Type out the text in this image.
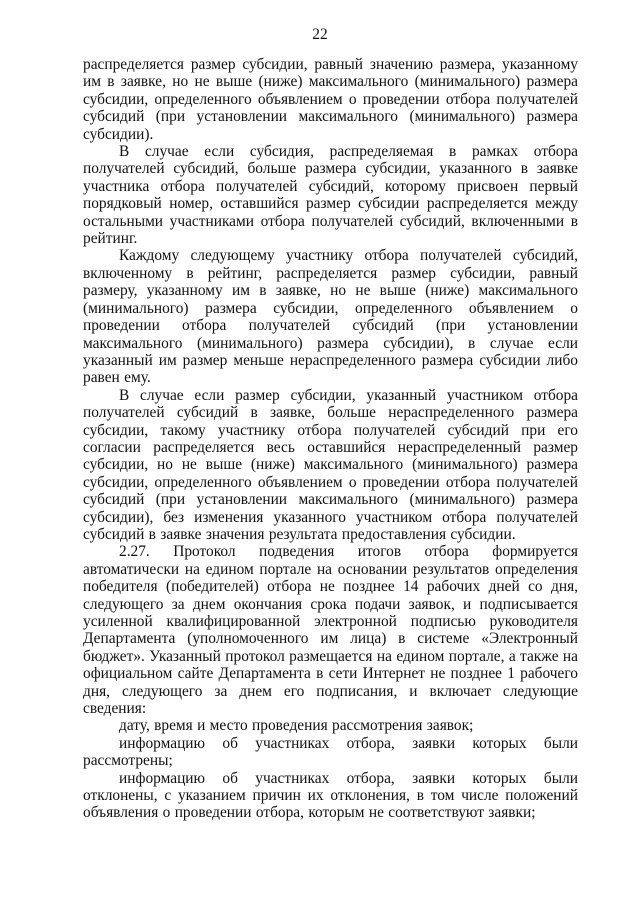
22

распределяется размер субсидии, равный значению размера, указанному им в заявке, но не выше (ниже) максимального (минимального) размера субсидии, определенного объявлением о проведении отбора получателей субсидий (при установлении максимального (минимального) размера субсидии).

В случае если субсидия, распределяемая в рамках отбора получателей субсидий, больше размера субсидии, указанного в заявке участника отбора получателей субсидий, которому присвоен первый порядковый номер, оставшийся размер субсидии распределяется между остальными участниками отбора получателей субсидий, включенными в рейтинг.

Каждому следующему участнику отбора получателей субсидий, включенному в рейтинг, распределяется размер субсидии, равный размеру, указанному им в заявке, но не выше (ниже) максимального (минимального) размера субсидии, определенного объявлением о проведении отбора получателей субсидий (при установлении максимального (минимального) размера субсидии), в случае если указанный им размер меньше нераспределенного размера субсидии либо равен ему.

В случае если размер субсидии, указанный участником отбора получателей субсидий в заявке, больше нераспределенного размера субсидии, такому участнику отбора получателей субсидий при его согласии распределяется весь оставшийся нераспределенный размер субсидии, но не выше (ниже) максимального (минимального) размера субсидии, определенного объявлением о проведении отбора получателей субсидий (при установлении максимального (минимального) размера субсидии), без изменения указанного участником отбора получателей субсидий в заявке значения результата предоставления субсидии.

2.27. Протокол подведения итогов отбора формируется автоматически на едином портале на основании результатов определения победителя (победителей) отбора не позднее 14 рабочих дней со дня, следующего за днем окончания срока подачи заявок, и подписывается усиленной квалифицированной электронной подписью руководителя Департамента (уполномоченного им лица) в системе «Электронный бюджет». Указанный протокол размещается на едином портале, а также на официальном сайте Департамента в сети Интернет не позднее 1 рабочего дня, следующего за днем его подписания, и включает следующие сведения:

дату, время и место проведения рассмотрения заявок;

информацию об участниках отбора, заявки которых были рассмотрены;

информацию об участниках отбора, заявки которых были отклонены, с указанием причин их отклонения, в том числе положений объявления о проведении отбора, которым не соответствуют заявки;
